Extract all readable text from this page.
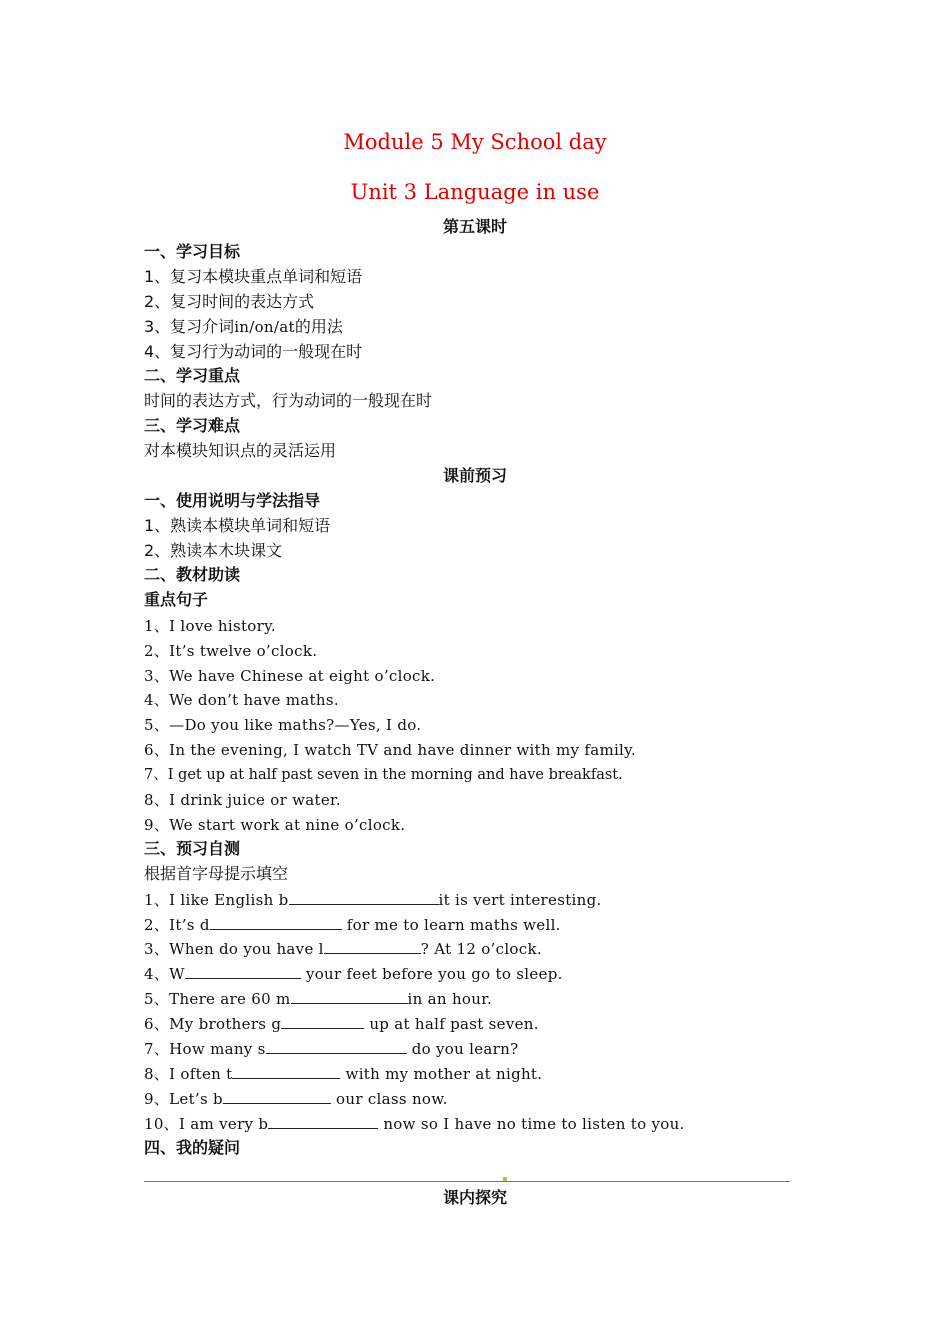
Module 5 My School day
Unit 3 Language in use
第五课时
一、学习目标
1、复习本模块重点单词和短语
2、复习时间的表达方式
3、复习介词in/on/at的用法
4、复习行为动词的一般现在时
二、学习重点
时间的表达方式，行为动词的一般现在时
三、学习难点
对本模块知识点的灵活运用
课前预习
一、使用说明与学法指导
1、熟读本模块单词和短语
2、熟读本木块课文
二、教材助读
重点句子
1、I love history.
2、It’s twelve o’clock.
3、We have Chinese at eight o’clock.
4、We don’t have maths.
5、—Do you like maths?—Yes, I do.
6、In the evening, I watch TV and have dinner with my family.
7、I get up at half past seven in the morning and have breakfast.
8、I drink juice or water.
9、We start work at nine o’clock.
三、预习自测
根据首字母提示填空
1、I like English b	it is vert interesting.
2、It’s d	for me to learn maths well.
3、When do you have l	? At 12 o’clock.
4、W	your feet before you go to sleep.
5、There are 60 m	in an hour.
6、My brothers g	up at half past seven.
7、How many s	do you learn?
8、I often t	with my mother at night.
9、Let’s b	our class now.
10、I am very b	now so I have no time to listen to you.
四、我的疑问
课内探究
